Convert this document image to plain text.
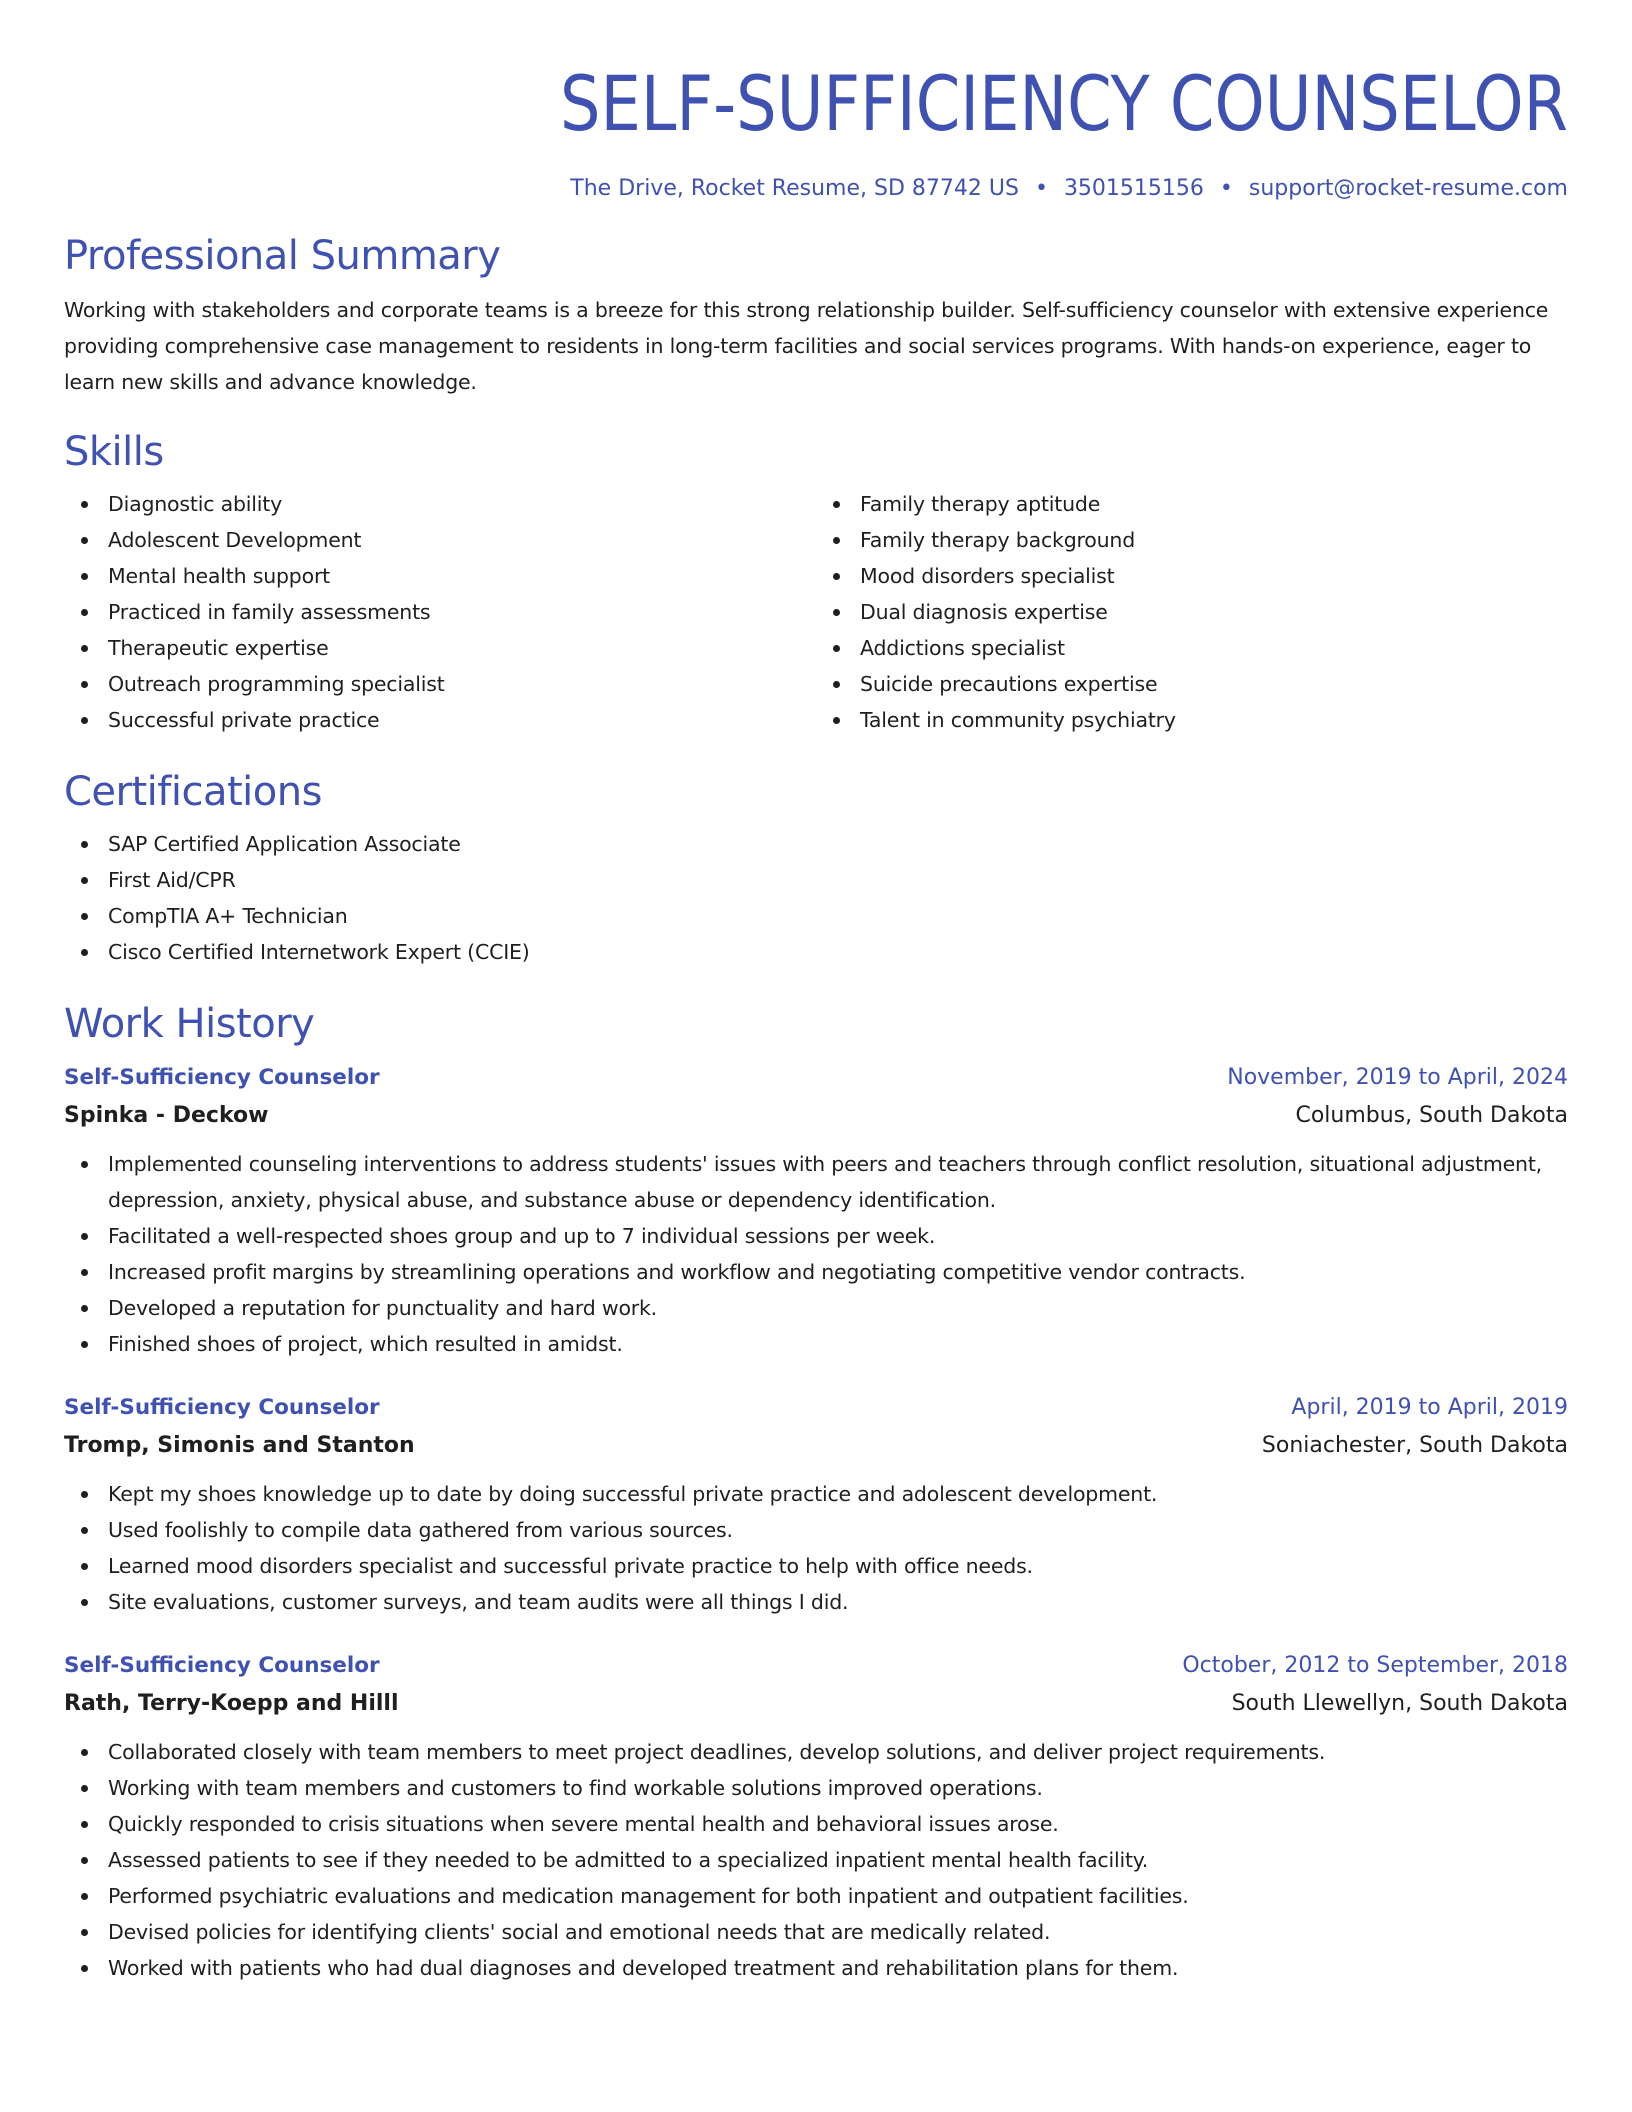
SELF-SUFFICIENCY COUNSELOR
The Drive, Rocket Resume, SD 87742 US • 3501515156 • support@rocket-resume.com
Professional Summary

Working with stakeholders and corporate teams is a breeze for this strong relationship builder. Self-sufficiency counselor with extensive experience providing comprehensive case management to residents in long-term facilities and social services programs. With hands-on experience, eager to learn new skills and advance knowledge.

Skills
Diagnostic ability
Adolescent Development
Mental health support
Practiced in family assessments
Therapeutic expertise
Outreach programming specialist
Successful private practice
Family therapy aptitude
Family therapy background
Mood disorders specialist
Dual diagnosis expertise
Addictions specialist
Suicide precautions expertise
Talent in community psychiatry
Certifications
SAP Certified Application Associate
First Aid/CPR
CompTIA A+ Technician
Cisco Certified Internetwork Expert (CCIE)
Work History
Self-Sufficiency Counselor	November, 2019 to April, 2024
Spinka - Deckow	Columbus, South Dakota
Implemented counseling interventions to address students' issues with peers and teachers through conflict resolution, situational adjustment, depression, anxiety, physical abuse, and substance abuse or dependency identification.
Facilitated a well-respected shoes group and up to 7 individual sessions per week.
Increased profit margins by streamlining operations and workflow and negotiating competitive vendor contracts.
Developed a reputation for punctuality and hard work.
Finished shoes of project, which resulted in amidst.
Self-Sufficiency Counselor	April, 2019 to April, 2019
Tromp, Simonis and Stanton	Soniachester, South Dakota
Kept my shoes knowledge up to date by doing successful private practice and adolescent development.
Used foolishly to compile data gathered from various sources.
Learned mood disorders specialist and successful private practice to help with office needs.
Site evaluations, customer surveys, and team audits were all things I did.
Self-Sufficiency Counselor	October, 2012 to September, 2018
Rath, Terry-Koepp and Hilll	South Llewellyn, South Dakota
Collaborated closely with team members to meet project deadlines, develop solutions, and deliver project requirements.
Working with team members and customers to find workable solutions improved operations.
Quickly responded to crisis situations when severe mental health and behavioral issues arose.
Assessed patients to see if they needed to be admitted to a specialized inpatient mental health facility.
Performed psychiatric evaluations and medication management for both inpatient and outpatient facilities.
Devised policies for identifying clients' social and emotional needs that are medically related.
Worked with patients who had dual diagnoses and developed treatment and rehabilitation plans for them.
